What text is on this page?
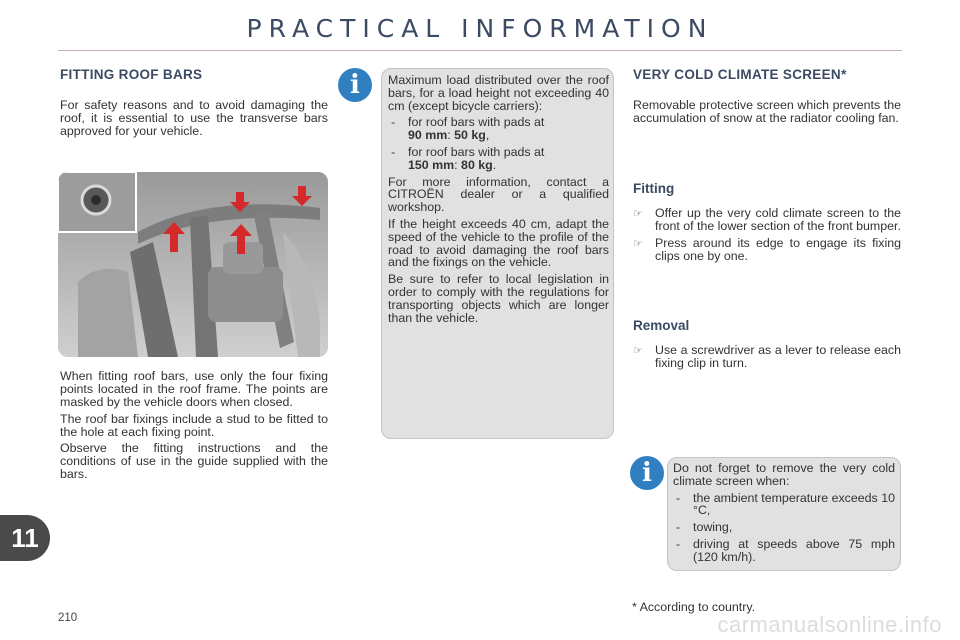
PRACTICAL INFORMATION
FITTING ROOF BARS

For safety reasons and to avoid damaging the roof, it is essential to use the transverse bars approved for your vehicle.

When fitting roof bars, use only the four fixing points located in the roof frame. The points are masked by the vehicle doors when closed.

The roof bar fixings include a stud to be fitted to the hole at each fixing point.

Observe the fitting instructions and the conditions of use in the guide supplied with the bars.

i	Maximum load distributed over the roof bars, for a load height not exceeding 40 cm (except bicycle carriers):

-	for roof bars with pads at
90 mm: 50 kg,
-	for roof bars with pads at
150 mm: 80 kg.

For more information, contact a CITROËN dealer or a qualified workshop.

If the height exceeds 40 cm, adapt the speed of the vehicle to the profile of the road to avoid damaging the roof bars and the fixings on the vehicle.

Be sure to refer to local legislation in order to comply with the regulations for transporting objects which are longer than the vehicle.

VERY COLD CLIMATE SCREEN*

Removable protective screen which prevents the accumulation of snow at the radiator cooling fan.

Fitting
☞ Offer up the very cold climate screen to the front of the lower section of the front bumper.
☞ Press around its edge to engage its fixing clips one by one.
Removal
☞ Use a screwdriver as a lever to release each fixing clip in turn.
i	Do not forget to remove the very cold climate screen when:

-	the ambient temperature exceeds 10 °C,
-	towing,
-	driving at speeds above 75 mph (120 km/h).
* According to country.
11
210	carmanualsonline.info
